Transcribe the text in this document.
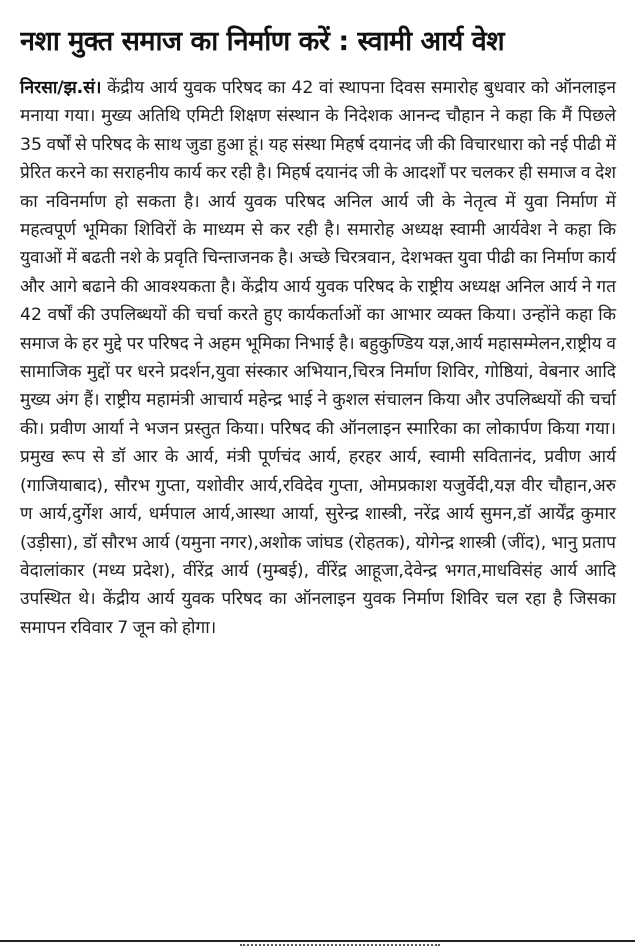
नशा मुक्त समाज का निर्माण करें : स्वामी आर्य वेश

निरसा/झ.सं। केंद्रीय आर्य युवक परिषद का 42 वां स्थापना दिवस समारोह बुधवार को ऑनलाइन मनाया गया। मुख्य अतिथि एमिटी शिक्षण संस्थान के निदेशक आनन्द चौहान ने कहा कि मैं पिछले 35 वर्षों से परिषद के साथ जुडा हुआ हूं। यह संस्था मिहर्ष दयानंद जी की विचारधारा को नई पीढी में प्रेरित करने का सराहनीय कार्य कर रही है। मिहर्ष दयानंद जी के आदर्शों पर चलकर ही समाज व देश का नविनर्माण हो सकता है। आर्य युवक परिषद अनिल आर्य जी के नेतृत्व में युवा निर्माण में महत्वपूर्ण भूमिका शिविरों के माध्यम से कर रही है। समारोह अध्यक्ष स्वामी आर्यवेश ने कहा कि युवाओं में बढती नशे के प्रवृति चिन्ताजनक है। अच्छे चिरत्रवान, देशभक्त युवा पीढी का निर्माण कार्य और आगे बढाने की आवश्यकता है। केंद्रीय आर्य युवक परिषद के राष्ट्रीय अध्यक्ष अनिल आर्य ने गत 42 वर्षों की उपलिब्धयों की चर्चा करते हुए कार्यकर्ताओं का आभार व्यक्त किया। उन्होंने कहा कि समाज के हर मुद्दे पर परिषद ने अहम भूमिका निभाई है। बहुकुण्डिय यज्ञ,आर्य महासम्मेलन,राष्ट्रीय व सामाजिक मुद्दों पर धरने प्रदर्शन,युवा संस्कार अभियान,चिरत्र निर्माण शिविर, गोष्ठियां, वेबनार आदि मुख्य अंग हैं। राष्ट्रीय महामंत्री आचार्य महेन्द्र भाई ने कुशल संचालन किया और उपलिब्धयों की चर्चा की। प्रवीण आर्या ने भजन प्रस्तुत किया। परिषद की ऑनलाइन स्मारिका का लोकार्पण किया गया। प्रमुख रूप से डॉ आर के आर्य, मंत्री पूर्णचंद आर्य, हरहर आर्य, स्वामी सवितानंद, प्रवीण आर्य (गाजियाबाद), सौरभ गुप्ता, यशोवीर आर्य,रविदेव गुप्ता, ओमप्रकाश यजुर्वेदी,यज्ञ वीर चौहान,अरु ण आर्य,दुर्गेश आर्य, धर्मपाल आर्य,आस्था आर्या, सुरेन्द्र शास्त्री, नरेंद्र आर्य सुमन,डॉ आर्येंद्र कुमार (उड़ीसा), डॉ सौरभ आर्य (यमुना नगर),अशोक जांघड (रोहतक), योगेन्द्र शास्त्री (जींद), भानु प्रताप वेदालांकार (मध्य प्रदेश), वींरेंद्र आर्य (मुम्बई), वींरेंद्र आहूजा,देवेन्द्र भगत,माधविसंह आर्य आदि उपस्थित थे। केंद्रीय आर्य युवक परिषद का ऑनलाइन युवक निर्माण शिविर चल रहा है जिसका समापन रविवार 7 जून को होगा।
